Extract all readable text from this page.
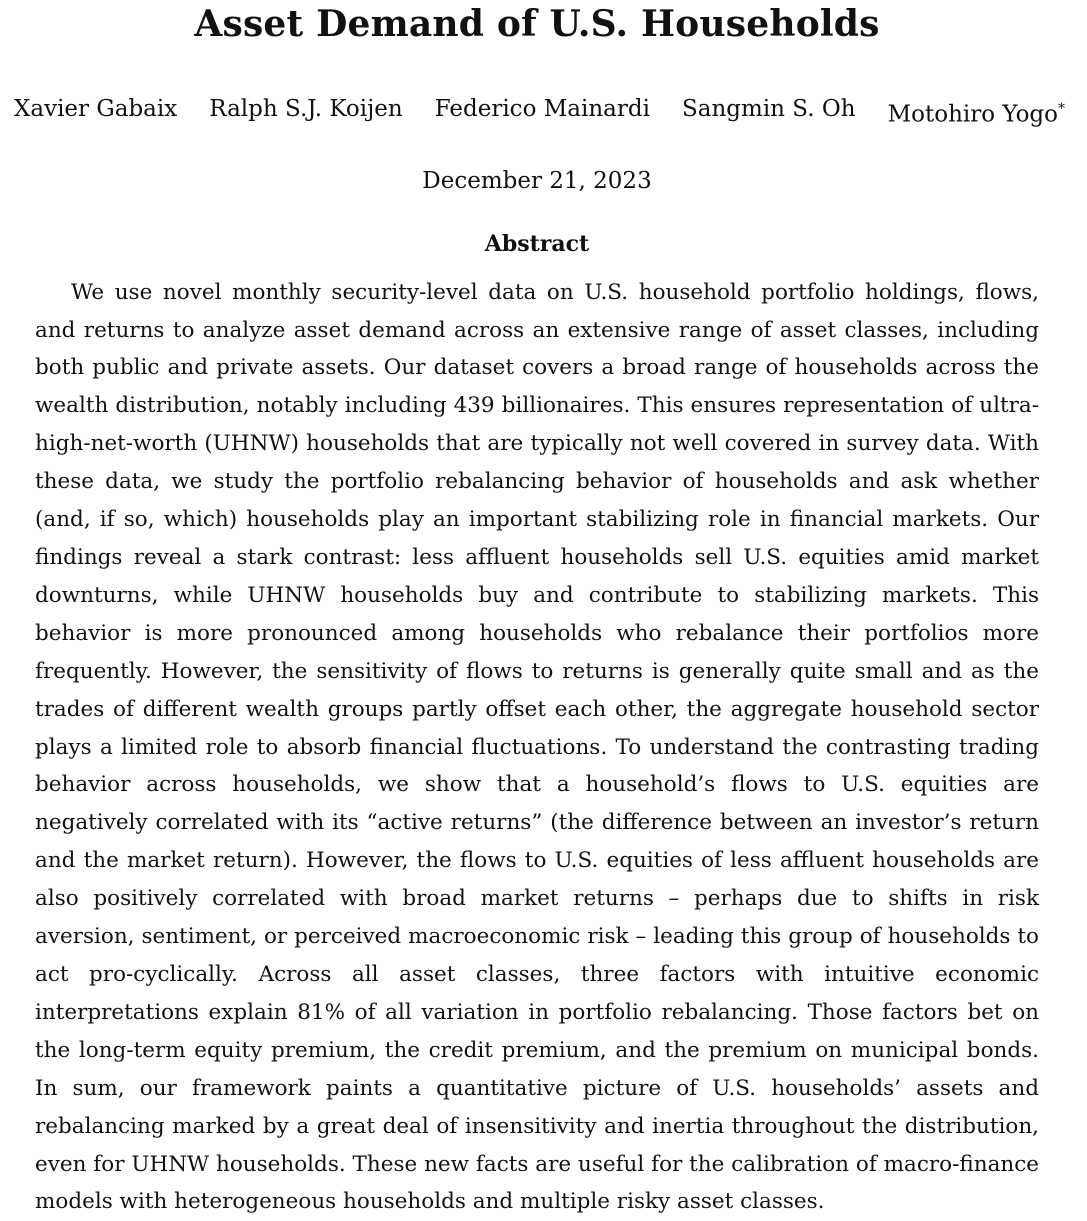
Asset Demand of U.S. Households
Xavier Gabaix Ralph S.J. Koijen Federico Mainardi Sangmin S. Oh Motohiro Yogo*
December 21, 2023
Abstract

We use novel monthly security-level data on U.S. household portfolio holdings, flows, and returns to analyze asset demand across an extensive range of asset classes, including both public and private assets. Our dataset covers a broad range of households across the wealth distribution, notably including 439 billionaires. This ensures representation of ultra-high-net-worth (UHNW) households that are typically not well covered in survey data. With these data, we study the portfolio rebalancing behavior of households and ask whether (and, if so, which) households play an important stabilizing role in financial markets. Our findings reveal a stark contrast: less affluent households sell U.S. equities amid market downturns, while UHNW households buy and contribute to stabilizing markets. This behavior is more pronounced among households who rebalance their portfolios more frequently. However, the sensitivity of flows to returns is generally quite small and as the trades of different wealth groups partly offset each other, the aggregate household sector plays a limited role to absorb financial fluctuations. To understand the contrasting trading behavior across households, we show that a household’s flows to U.S. equities are negatively correlated with its “active returns” (the difference between an investor’s return and the market return). However, the flows to U.S. equities of less affluent households are also positively correlated with broad market returns – perhaps due to shifts in risk aversion, sentiment, or perceived macroeconomic risk – leading this group of households to act pro-cyclically. Across all asset classes, three factors with intuitive economic interpretations explain 81% of all variation in portfolio rebalancing. Those factors bet on the long-term equity premium, the credit premium, and the premium on municipal bonds. In sum, our framework paints a quantitative picture of U.S. households’ assets and rebalancing marked by a great deal of insensitivity and inertia throughout the distribution, even for UHNW households. These new facts are useful for the calibration of macro-finance models with heterogeneous households and multiple risky asset classes.
